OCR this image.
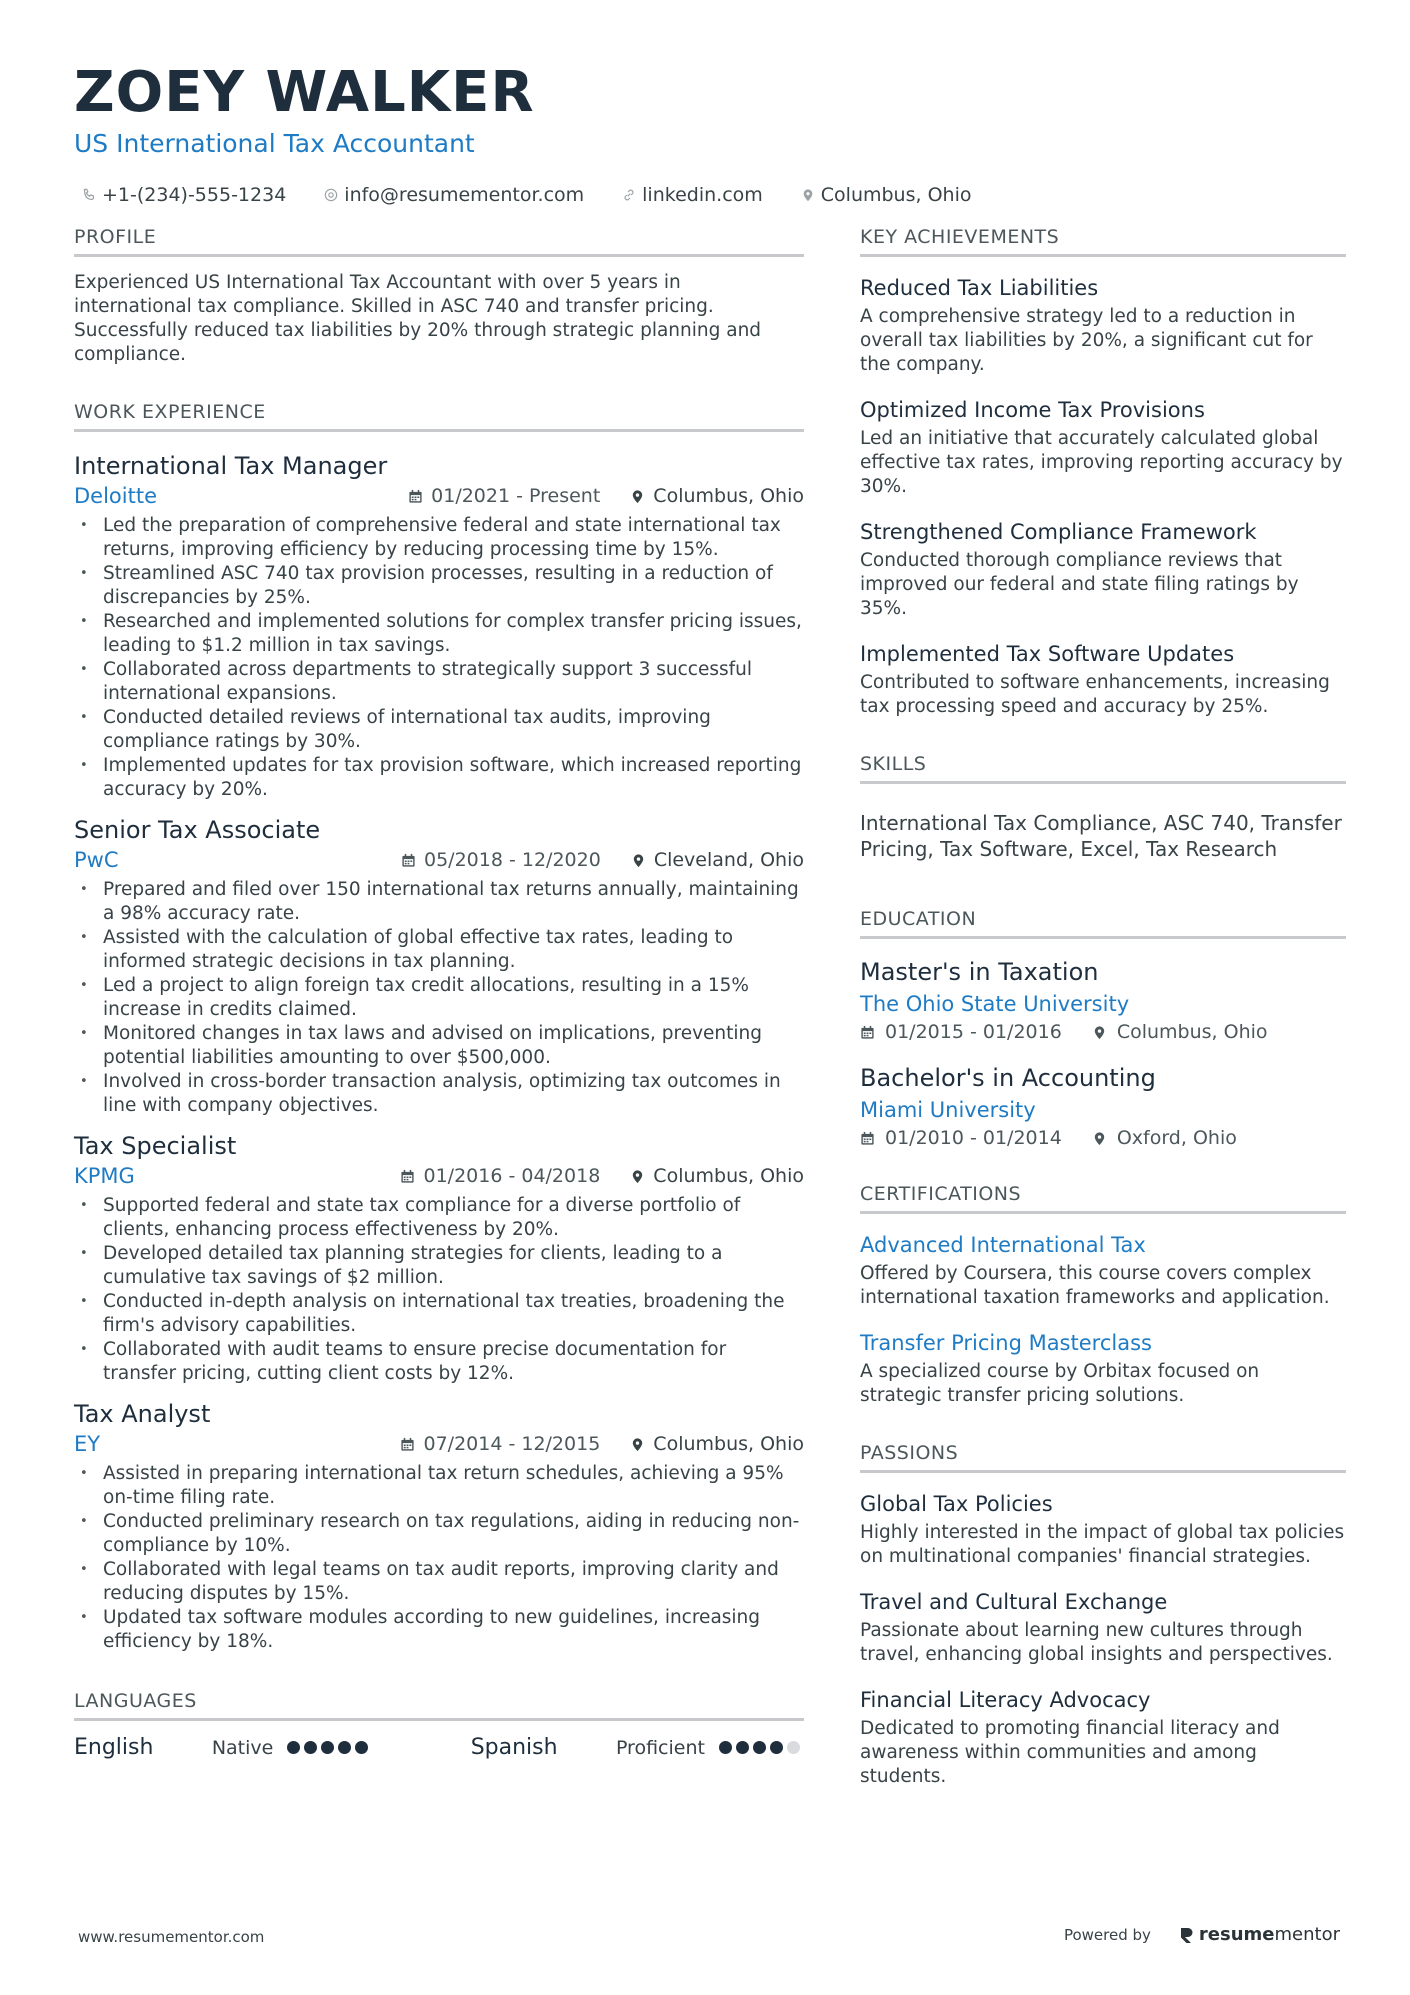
ZOEY WALKER
US International Tax Accountant
+1-(234)-555-1234	info@resumementor.com	linkedin.com	Columbus, Ohio
PROFILE
Experienced US International Tax Accountant with over 5 years in international tax compliance. Skilled in ASC 740 and transfer pricing. Successfully reduced tax liabilities by 20% through strategic planning and compliance.
WORK EXPERIENCE
International Tax Manager
Deloitte	01/2021 - Present	Columbus, Ohio
• Led the preparation of comprehensive federal and state international tax returns, improving efficiency by reducing processing time by 15%.
• Streamlined ASC 740 tax provision processes, resulting in a reduction of discrepancies by 25%.
• Researched and implemented solutions for complex transfer pricing issues, leading to $1.2 million in tax savings.
• Collaborated across departments to strategically support 3 successful international expansions.
• Conducted detailed reviews of international tax audits, improving compliance ratings by 30%.
• Implemented updates for tax provision software, which increased reporting accuracy by 20%.
Senior Tax Associate
PwC	05/2018 - 12/2020	Cleveland, Ohio
• Prepared and filed over 150 international tax returns annually, maintaining a 98% accuracy rate.
• Assisted with the calculation of global effective tax rates, leading to informed strategic decisions in tax planning.
• Led a project to align foreign tax credit allocations, resulting in a 15% increase in credits claimed.
• Monitored changes in tax laws and advised on implications, preventing potential liabilities amounting to over $500,000.
• Involved in cross-border transaction analysis, optimizing tax outcomes in line with company objectives.
Tax Specialist
KPMG	01/2016 - 04/2018	Columbus, Ohio
• Supported federal and state tax compliance for a diverse portfolio of clients, enhancing process effectiveness by 20%.
• Developed detailed tax planning strategies for clients, leading to a cumulative tax savings of $2 million.
• Conducted in-depth analysis on international tax treaties, broadening the firm's advisory capabilities.
• Collaborated with audit teams to ensure precise documentation for transfer pricing, cutting client costs by 12%.
Tax Analyst
EY	07/2014 - 12/2015	Columbus, Ohio
• Assisted in preparing international tax return schedules, achieving a 95% on-time filing rate.
• Conducted preliminary research on tax regulations, aiding in reducing non-compliance by 10%.
• Collaborated with legal teams on tax audit reports, improving clarity and reducing disputes by 15%.
• Updated tax software modules according to new guidelines, increasing efficiency by 18%.
LANGUAGES
English	Native	Spanish	Proficient
KEY ACHIEVEMENTS
Reduced Tax Liabilities
A comprehensive strategy led to a reduction in overall tax liabilities by 20%, a significant cut for the company.
Optimized Income Tax Provisions
Led an initiative that accurately calculated global effective tax rates, improving reporting accuracy by 30%.
Strengthened Compliance Framework
Conducted thorough compliance reviews that improved our federal and state filing ratings by 35%.
Implemented Tax Software Updates
Contributed to software enhancements, increasing tax processing speed and accuracy by 25%.
SKILLS
International Tax Compliance, ASC 740, Transfer Pricing, Tax Software, Excel, Tax Research
EDUCATION
Master's in Taxation
The Ohio State University
01/2015 - 01/2016	Columbus, Ohio
Bachelor's in Accounting
Miami University
01/2010 - 01/2014	Oxford, Ohio
CERTIFICATIONS
Advanced International Tax
Offered by Coursera, this course covers complex international taxation frameworks and application.
Transfer Pricing Masterclass
A specialized course by Orbitax focused on strategic transfer pricing solutions.
PASSIONS
Global Tax Policies
Highly interested in the impact of global tax policies on multinational companies' financial strategies.
Travel and Cultural Exchange
Passionate about learning new cultures through travel, enhancing global insights and perspectives.
Financial Literacy Advocacy
Dedicated to promoting financial literacy and awareness within communities and among students.
www.resumementor.com	Powered by	resume mentor
